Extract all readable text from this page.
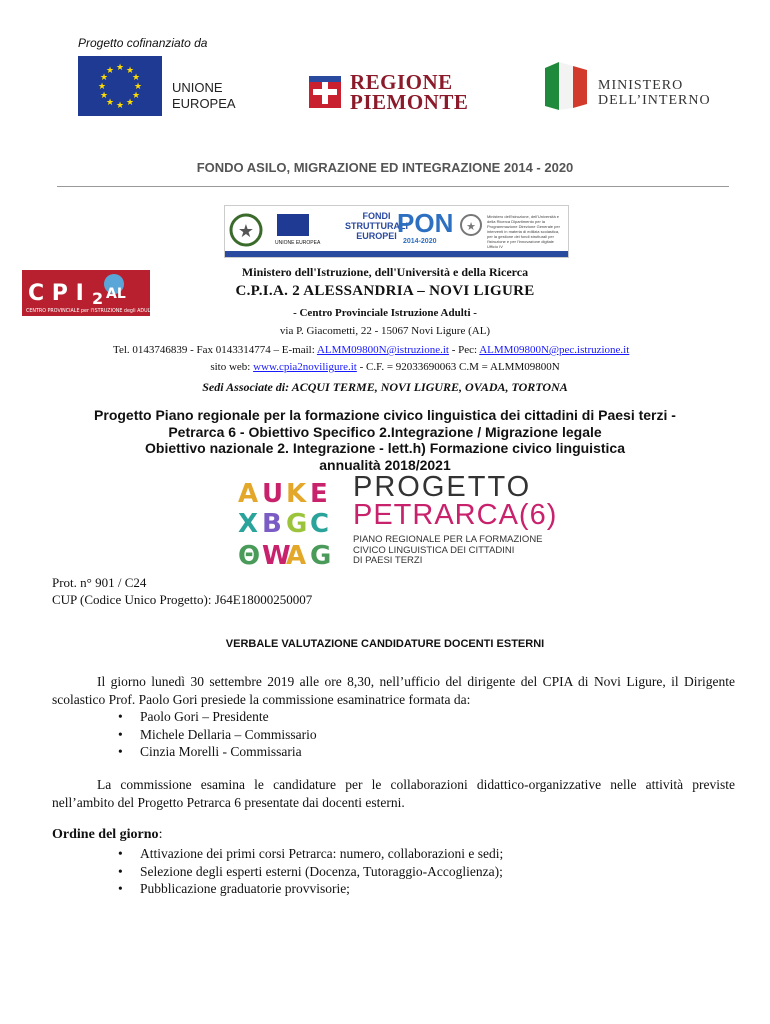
Progetto cofinanziato da
★ ★
★
★
★
★
★
★
★
★
★
★
UNIONE
EUROPEA
REGIONE
PIEMONTE
MINISTERO
DELL’INTERNO
FONDO ASILO, MIGRAZIONE ED INTEGRAZIONE 2014 - 2020
★
UNIONE EUROPEA
FONDI
STRUTTURALI
EUROPEI PON
2014-2020
★
Ministero dell'Istruzione, dell'Università e della Ricerca Dipartimento per la Programmazione Direzione Generale per interventi in materia di edilizia scolastica, per la gestione dei fondi strutturali per l'istruzione e per l'innovazione digitale Ufficio IV
Ministero dell'Istruzione, dell'Università e della Ricerca
C P I 2 AL
CENTRO PROVINCIALE per l'ISTRUZIONE degli ADULTI
C.P.I.A. 2 ALESSANDRIA – NOVI LIGURE
- Centro Provinciale Istruzione Adulti -
via P. Giacometti, 22 - 15067 Novi Ligure (AL)
Tel. 0143746839 - Fax 0143314774 – E-mail: ALMM09800N@istruzione.it - Pec: ALMM09800N@pec.istruzione.it
sito web: www.cpia2noviligure.it - C.F. = 92033690063 C.M = ALMM09800N
Sedi Associate di: ACQUI TERME, NOVI LIGURE, OVADA, TORTONA
Progetto Piano regionale per la formazione civico linguistica dei cittadini di Paesi terzi -
Petrarca 6 - Obiettivo Specifico 2.Integrazione / Migrazione legale
Obiettivo nazionale 2. Integrazione - lett.h) Formazione civico linguistica
annualità 2018/2021
A U K E
X B G C
Θ W
A G
PROGETTO
PETRARCA(6)
PIANO REGIONALE PER LA FORMAZIONE
CIVICO LINGUISTICA DEI CITTADINI
DI PAESI TERZI
Prot. n° 901 / C24
CUP (Codice Unico Progetto): J64E18000250007
VERBALE VALUTAZIONE CANDIDATURE DOCENTI ESTERNI
Il giorno lunedì 30 settembre 2019 alle ore 8,30, nell’ufficio del dirigente del CPIA di Novi Ligure, il Dirigente scolastico Prof. Paolo Gori presiede la commissione esaminatrice formata da:
• Paolo Gori – Presidente
• Michele Dellaria – Commissario
• Cinzia Morelli - Commissaria
La commissione esamina le candidature per le collaborazioni didattico-organizzative nelle attività previste nell’ambito del Progetto Petrarca 6 presentate dai docenti esterni.
Ordine del giorno:
• Attivazione dei primi corsi Petrarca: numero, collaborazioni e sedi;
• Selezione degli esperti esterni (Docenza, Tutoraggio-Accoglienza);
• Pubblicazione graduatorie provvisorie;
